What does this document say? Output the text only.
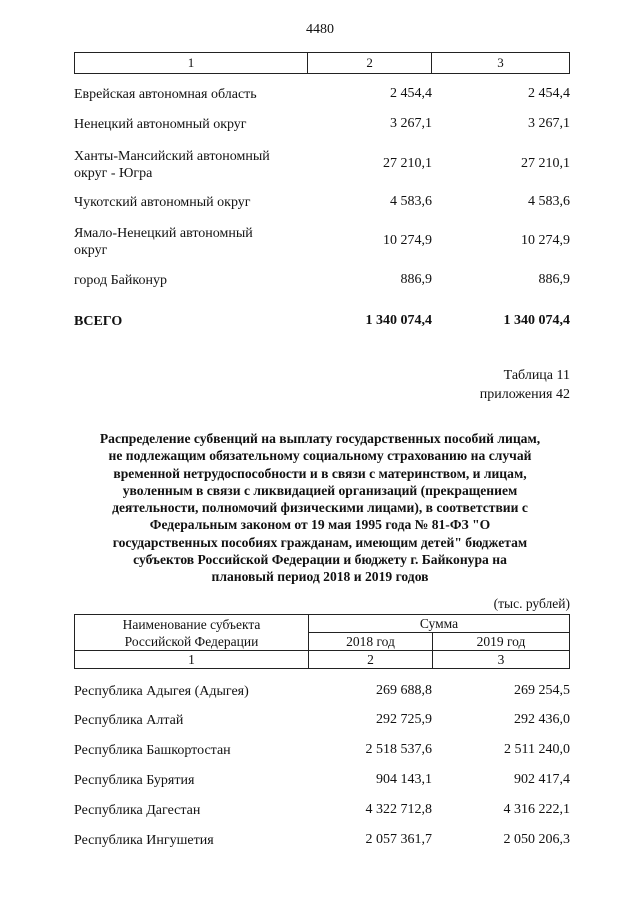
4480
1	2	3
Еврейская автономная область	2 454,4	2 454,4
Ненецкий автономный округ	3 267,1	3 267,1
Ханты-Мансийский автономный
округ - Югра
27 210,1	27 210,1
Чукотский автономный округ	4 583,6	4 583,6
Ямало-Ненецкий автономный
округ
10 274,9	10 274,9
город Байконур	886,9	886,9
ВСЕГО	1 340 074,4	1 340 074,4
Таблица 11
приложения 42
Распределение субвенций на выплату государственных пособий лицам,
не подлежащим обязательному социальному страхованию на случай
временной нетрудоспособности и в связи с материнством, и лицам,
уволенным в связи с ликвидацией организаций (прекращением
деятельности, полномочий физическими лицами), в соответствии с
Федеральным законом от 19 мая 1995 года № 81-ФЗ "О
государственных пособиях гражданам, имеющим детей" бюджетам
субъектов Российской Федерации и бюджету г. Байконура на
плановый период 2018 и 2019 годов
(тыс. рублей)
Наименование субъекта
Российской Федерации
Сумма
2018 год	2019 год
1	2	3
Республика Адыгея (Адыгея)	269 688,8	269 254,5
Республика Алтай	292 725,9	292 436,0
Республика Башкортостан	2 518 537,6	2 511 240,0
Республика Бурятия	904 143,1	902 417,4
Республика Дагестан	4 322 712,8	4 316 222,1
Республика Ингушетия	2 057 361,7	2 050 206,3
